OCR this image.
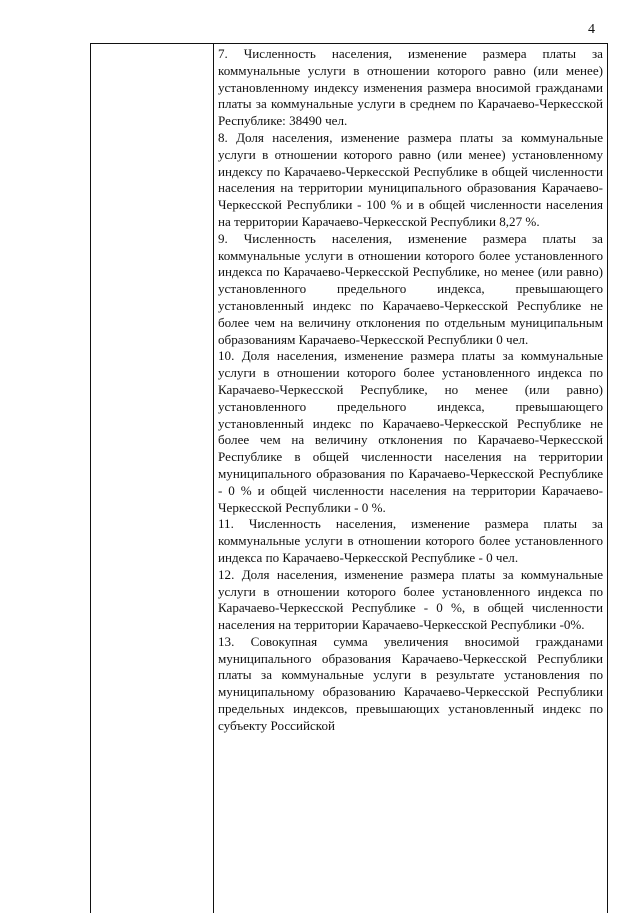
4

7. Численность населения, изменение размера платы за коммунальные услуги в отношении которого равно (или менее) установленному индексу изменения размера вносимой гражданами платы за коммунальные услуги в среднем по Карачаево-Черкесской Республике: 38490 чел.

8. Доля населения, изменение размера платы за коммунальные услуги в отношении которого равно (или менее) установленному индексу по Карачаево-Черкесской Республике в общей численности населения на территории муниципального образования Карачаево-Черкесской Республики - 100 % и в общей численности населения на территории Карачаево-Черкесской Республики 8,27 %.

9. Численность населения, изменение размера платы за коммунальные услуги в отношении которого более установленного индекса по Карачаево-Черкесской Республике, но менее (или равно) установленного предельного индекса, превышающего установленный индекс по Карачаево-Черкесской Республике не более чем на величину отклонения по отдельным муниципальным образованиям Карачаево-Черкесской Республики 0 чел.

10. Доля населения, изменение размера платы за коммунальные услуги в отношении которого более установленного индекса по Карачаево-Черкесской Республике, но менее (или равно) установленного предельного индекса, превышающего установленный индекс по Карачаево-Черкесской Республике не более чем на величину отклонения по Карачаево-Черкесской Республике в общей численности населения на территории муниципального образования по Карачаево-Черкесской Республике - 0 % и общей численности населения на территории Карачаево-Черкесской Республики - 0 %.

11. Численность населения, изменение размера платы за коммунальные услуги в отношении которого более установленного индекса по Карачаево-Черкесской Республике - 0 чел.

12. Доля населения, изменение размера платы за коммунальные услуги в отношении которого более установленного индекса по Карачаево-Черкесской Республике - 0 %, в общей численности населения на территории Карачаево-Черкесской Республики -0%.

13. Совокупная сумма увеличения вносимой гражданами муниципального образования Карачаево-Черкесской Республики платы за коммунальные услуги в результате установления по муниципальному образованию Карачаево-Черкесской Республики предельных индексов, превышающих установленный индекс по субъекту Российской
